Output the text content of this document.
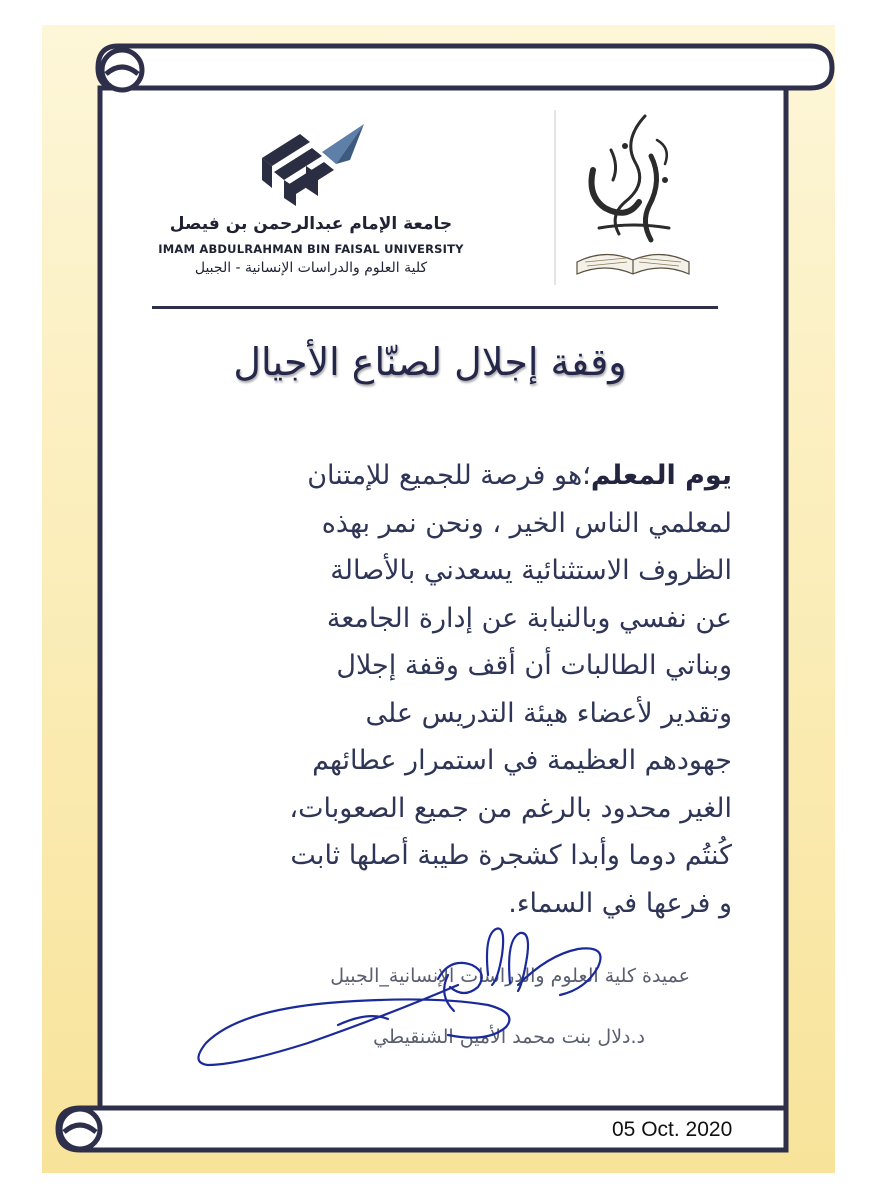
جامعة الإمام عبدالرحمن بن فيصل
IMAM ABDULRAHMAN BIN FAISAL UNIVERSITY
كلية العلوم والدراسات الإنسانية - الجبيل
وقفة إجلال لصنّاع الأجيال
يوم المعلم؛هو فرصة للجميع للإمتنان
لمعلمي الناس الخير ، ونحن نمر بهذه
الظروف الاستثنائية يسعدني بالأصالة
عن نفسي وبالنيابة عن إدارة الجامعة
وبناتي الطالبات أن أقف وقفة إجلال
وتقدير لأعضاء هيئة التدريس على
جهودهم العظيمة في استمرار عطائهم
الغير محدود بالرغم من جميع الصعوبات،
كُنتُم دوما وأبدا كشجرة طيبة أصلها ثابت
و فرعها في السماء.
عميدة كلية العلوم والدراسات الإنسانية_الجبيل
د.دلال بنت محمد الأمين الشنقيطي
05 Oct. 2020
